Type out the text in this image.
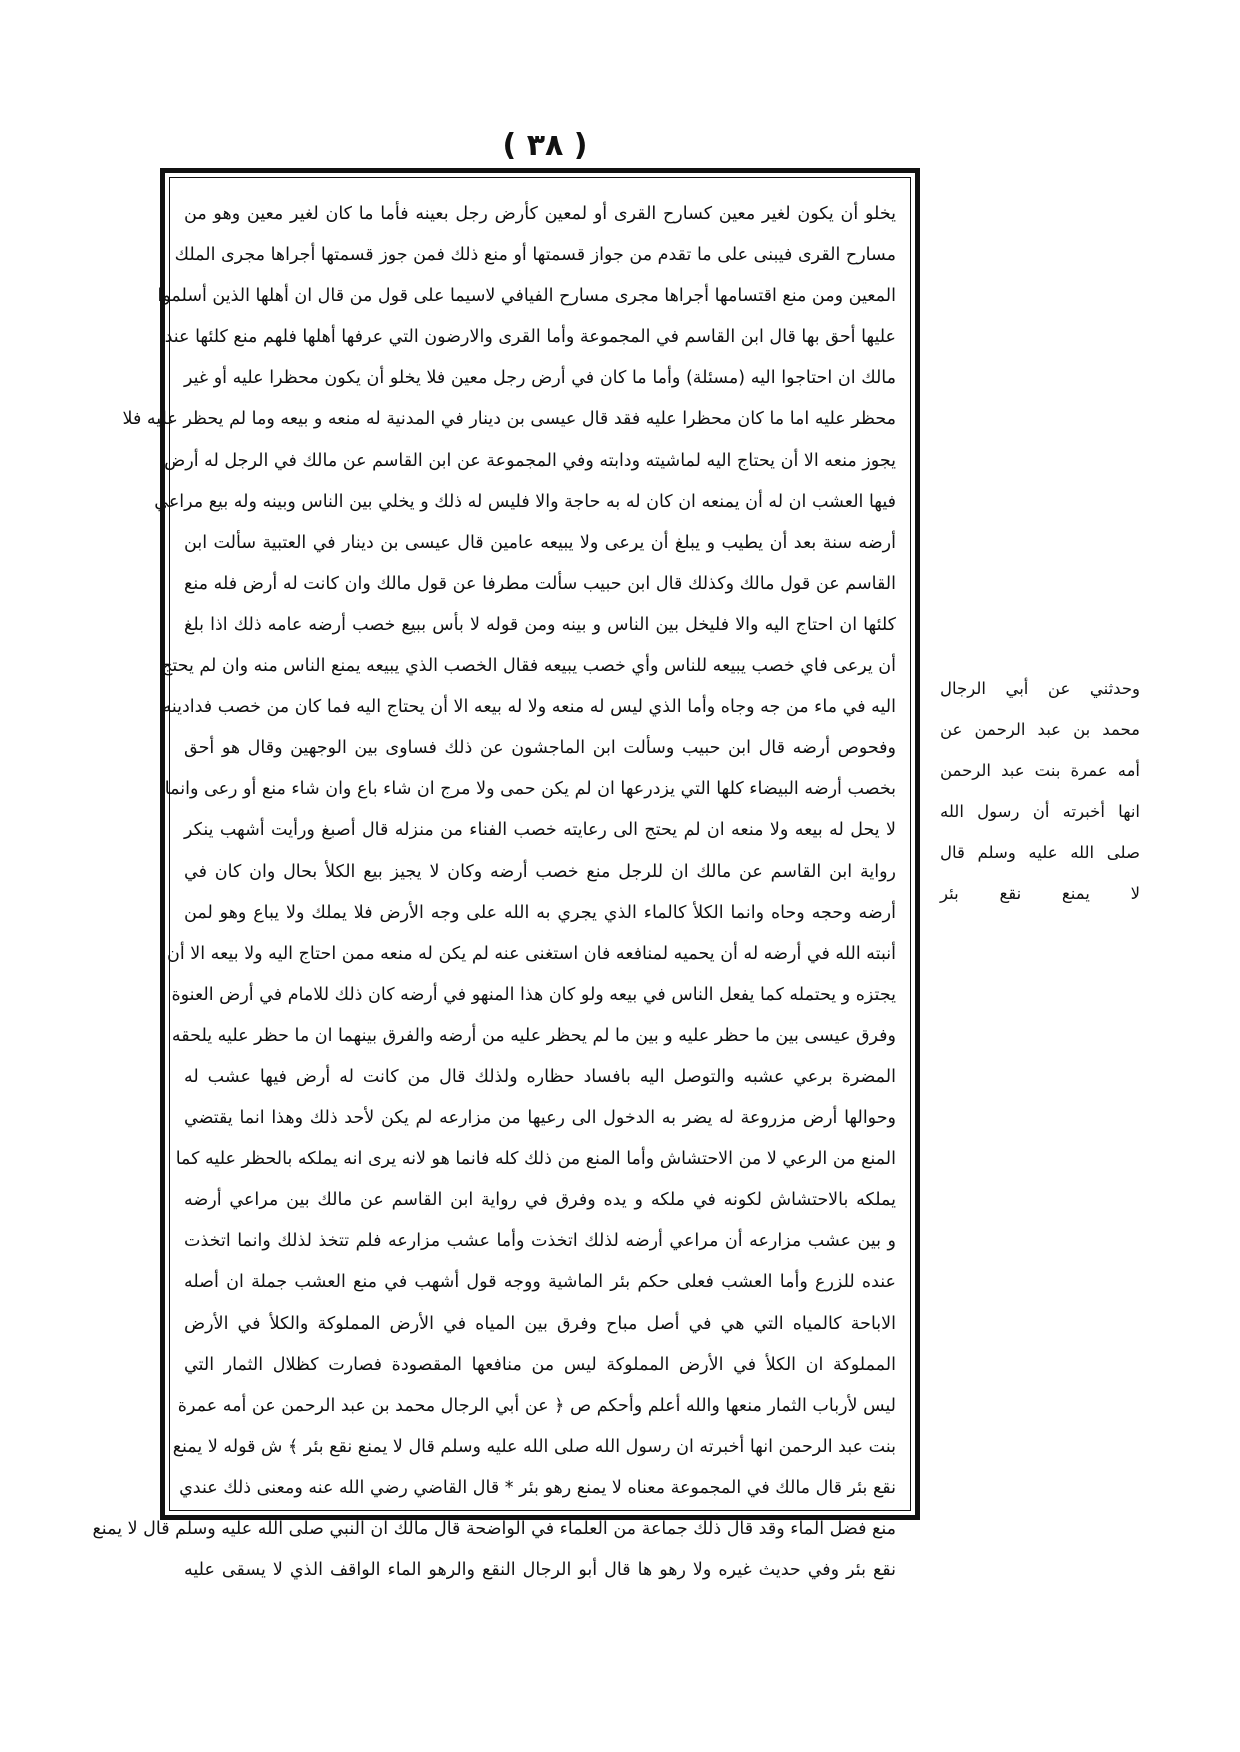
( ٣٨ )
يخلو أن يكون لغير معين كسارح القرى أو لمعين كأرض رجل بعينه فأما ما كان لغير معين وهو من
مسارح القرى فيبنى على ما تقدم من جواز قسمتها أو منع ذلك فمن جوز قسمتها أجراها مجرى الملك
المعين ومن منع اقتسامها أجراها مجرى مسارح الفيافي لاسيما على قول من قال ان أهلها الذين أسلموا
عليها أحق بها قال ابن القاسم في المجموعة وأما القرى والارضون التي عرفها أهلها فلهم منع كلئها عند
مالك ان احتاجوا اليه (مسئلة) وأما ما كان في أرض رجل معين فلا يخلو أن يكون محظرا عليه أو غير
محظر عليه اما ما كان محظرا عليه فقد قال عيسى بن دينار في المدنية له منعه و بيعه وما لم يحظر عليه فلا
يجوز منعه الا أن يحتاج اليه لماشيته ودابته وفي المجموعة عن ابن القاسم عن مالك في الرجل له أرض
فيها العشب ان له أن يمنعه ان كان له به حاجة والا فليس له ذلك و يخلي بين الناس وبينه وله بيع مراعي
أرضه سنة بعد أن يطيب و يبلغ أن يرعى ولا يبيعه عامين قال عيسى بن دينار في العتبية سألت ابن
القاسم عن قول مالك وكذلك قال ابن حبيب سألت مطرفا عن قول مالك وان كانت له أرض فله منع
كلئها ان احتاج اليه والا فليخل بين الناس و بينه ومن قوله لا بأس ببيع خصب أرضه عامه ذلك اذا بلغ
أن يرعى فاي خصب يبيعه للناس وأي خصب يبيعه فقال الخصب الذي يبيعه يمنع الناس منه وان لم يحتج
اليه في ماء من جه وجاه وأما الذي ليس له منعه ولا له بيعه الا أن يحتاج اليه فما كان من خصب فدادينه
وفحوص أرضه قال ابن حبيب وسألت ابن الماجشون عن ذلك فساوى بين الوجهين وقال هو أحق
بخصب أرضه البيضاء كلها التي يزدرعها ان لم يكن حمى ولا مرج ان شاء باع وان شاء منع أو رعى وانما
لا يحل له بيعه ولا منعه ان لم يحتج الى رعايته خصب الفناء من منزله قال أصبغ ورأيت أشهب ينكر
رواية ابن القاسم عن مالك ان للرجل منع خصب أرضه وكان لا يجيز بيع الكلأ بحال وان كان في
أرضه وحجه وحاه وانما الكلأ كالماء الذي يجري به الله على وجه الأرض فلا يملك ولا يباع وهو لمن
أنبته الله في أرضه له أن يحميه لمنافعه فان استغنى عنه لم يكن له منعه ممن احتاج اليه ولا بيعه الا أن
يجتزه و يحتمله كما يفعل الناس في بيعه ولو كان هذا المنهو في أرضه كان ذلك للامام في أرض العنوة
وفرق عيسى بين ما حظر عليه و بين ما لم يحظر عليه من أرضه والفرق بينهما ان ما حظر عليه يلحقه
المضرة برعي عشبه والتوصل اليه بافساد حظاره ولذلك قال من كانت له أرض فيها عشب له
وحوالها أرض مزروعة له يضر به الدخول الى رعيها من مزارعه لم يكن لأحد ذلك وهذا انما يقتضي
المنع من الرعي لا من الاحتشاش وأما المنع من ذلك كله فانما هو لانه يرى انه يملكه بالحظر عليه كما
يملكه بالاحتشاش لكونه في ملكه و يده وفرق في رواية ابن القاسم عن مالك بين مراعي أرضه
و بين عشب مزارعه أن مراعي أرضه لذلك اتخذت وأما عشب مزارعه فلم تتخذ لذلك وانما اتخذت
عنده للزرع وأما العشب فعلى حكم بئر الماشية ووجه قول أشهب في منع العشب جملة ان أصله
الاباحة كالمياه التي هي في أصل مباح وفرق بين المياه في الأرض المملوكة والكلأ في الأرض
المملوكة ان الكلأ في الأرض المملوكة ليس من منافعها المقصودة فصارت كظلال الثمار التي
ليس لأرباب الثمار منعها والله أعلم وأحكم ص ﴿ عن أبي الرجال محمد بن عبد الرحمن عن أمه عمرة
بنت عبد الرحمن انها أخبرته ان رسول الله صلى الله عليه وسلم قال لا يمنع نقع بئر ﴾ ش قوله لا يمنع
نقع بئر قال مالك في المجموعة معناه لا يمنع رهو بئر * قال القاضي رضي الله عنه ومعنى ذلك عندي
منع فضل الماء وقد قال ذلك جماعة من العلماء في الواضحة قال مالك ان النبي صلى الله عليه وسلم قال لا يمنع
نقع بئر وفي حديث غيره ولا رهو ها قال أبو الرجال النقع والرهو الماء الواقف الذي لا يسقى عليه
وحدثني عن أبي الرجال
محمد بن عبد الرحمن عن
أمه عمرة بنت عبد الرحمن
انها أخبرته أن رسول الله
صلى الله عليه وسلم قال
لا يمنع نقع بئر
